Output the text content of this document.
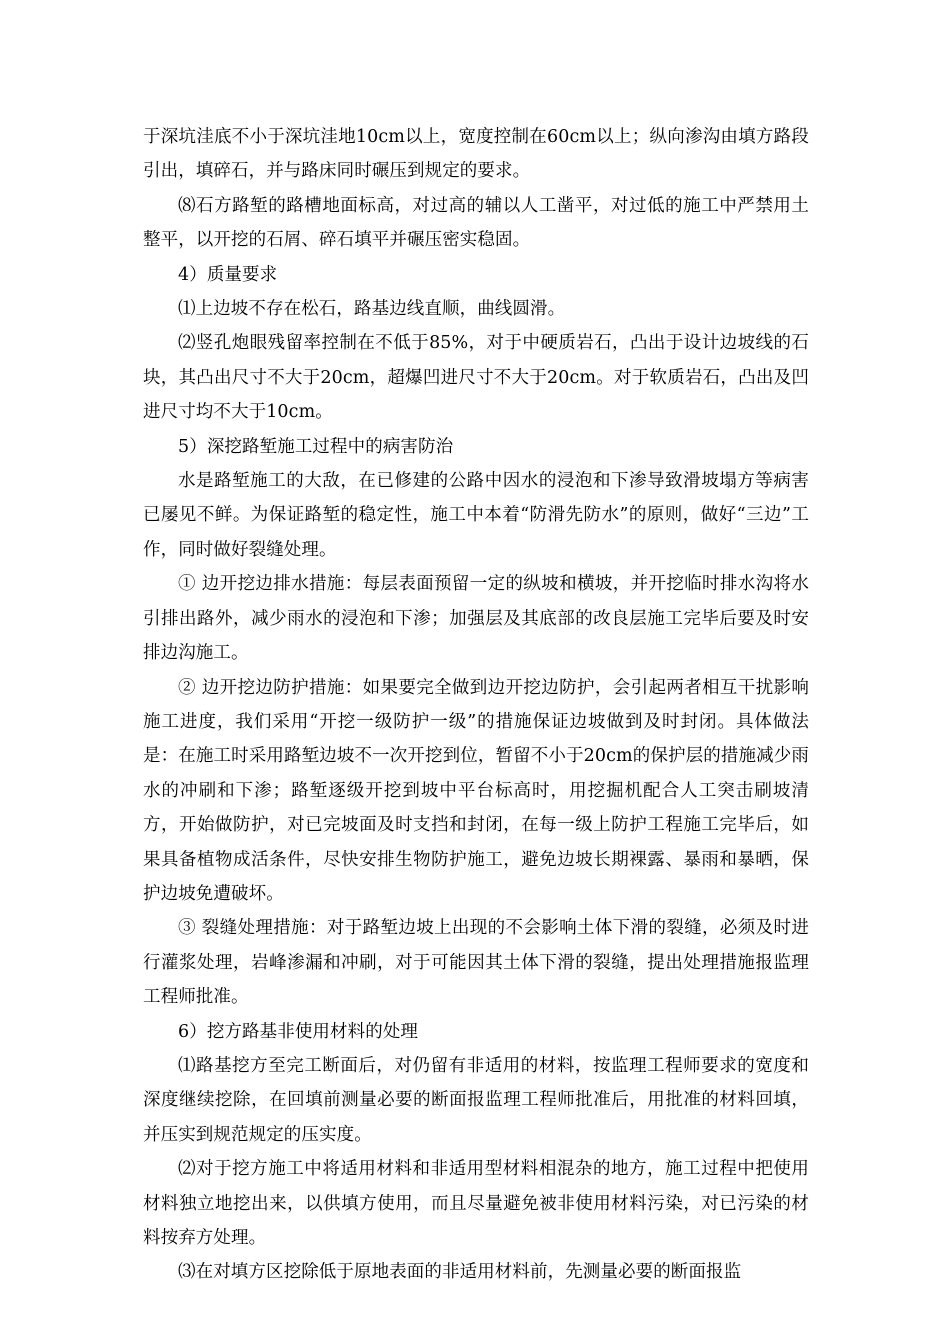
于深坑洼底不小于深坑洼地10cm以上，宽度控制在60cm以上；纵向渗沟由填方路段引出，填碎石，并与路床同时碾压到规定的要求。

⑻石方路堑的路槽地面标高，对过高的辅以人工凿平，对过低的施工中严禁用土整平，以开挖的石屑、碎石填平并碾压密实稳固。

4）质量要求

⑴上边坡不存在松石，路基边线直顺，曲线圆滑。

⑵竖孔炮眼残留率控制在不低于85%，对于中硬质岩石，凸出于设计边坡线的石块，其凸出尺寸不大于20cm，超爆凹进尺寸不大于20cm。对于软质岩石，凸出及凹进尺寸均不大于10cm。

5）深挖路堑施工过程中的病害防治

水是路堑施工的大敌，在已修建的公路中因水的浸泡和下渗导致滑坡塌方等病害已屡见不鲜。为保证路堑的稳定性，施工中本着“防滑先防水”的原则，做好“三边”工作，同时做好裂缝处理。

① 边开挖边排水措施：每层表面预留一定的纵坡和横坡，并开挖临时排水沟将水引排出路外，减少雨水的浸泡和下渗；加强层及其底部的改良层施工完毕后要及时安排边沟施工。

② 边开挖边防护措施：如果要完全做到边开挖边防护，会引起两者相互干扰影响施工进度，我们采用“开挖一级防护一级”的措施保证边坡做到及时封闭。具体做法是：在施工时采用路堑边坡不一次开挖到位，暂留不小于20cm的保护层的措施减少雨水的冲刷和下渗；路堑逐级开挖到坡中平台标高时，用挖掘机配合人工突击刷坡清方，开始做防护，对已完坡面及时支挡和封闭，在每一级上防护工程施工完毕后，如果具备植物成活条件，尽快安排生物防护施工，避免边坡长期裸露、暴雨和暴晒，保护边坡免遭破坏。

③ 裂缝处理措施：对于路堑边坡上出现的不会影响土体下滑的裂缝，必须及时进行灌浆处理，岩峰渗漏和冲刷，对于可能因其土体下滑的裂缝，提出处理措施报监理工程师批准。

6）挖方路基非使用材料的处理

⑴路基挖方至完工断面后，对仍留有非适用的材料，按监理工程师要求的宽度和深度继续挖除，在回填前测量必要的断面报监理工程师批准后，用批准的材料回填，并压实到规范规定的压实度。

⑵对于挖方施工中将适用材料和非适用型材料相混杂的地方，施工过程中把使用材料独立地挖出来，以供填方使用，而且尽量避免被非使用材料污染，对已污染的材料按弃方处理。

⑶在对填方区挖除低于原地表面的非适用材料前，先测量必要的断面报监
